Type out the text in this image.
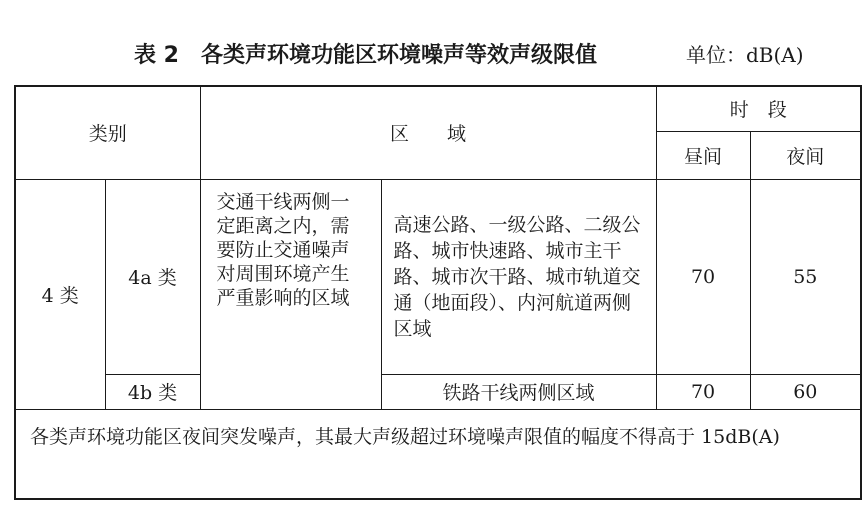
表 2　各类声环境功能区环境噪声等效声级限值	单位：dB(A)
类别		区　　域		时　段	
				昼间	夜间
4 类	4a 类	交通干线两侧一定距离之内，需要防止交通噪声对周围环境产生严重影响的区域	高速公路、一级公路、二级公路、城市快速路、城市主干路、城市次干路、城市轨道交通（地面段）、内河航道两侧区域	70	55
	4b 类		铁路干线两侧区域	70	60

各类声环境功能区夜间突发噪声，其最大声级超过环境噪声限值的幅度不得高于 15dB(A)					
